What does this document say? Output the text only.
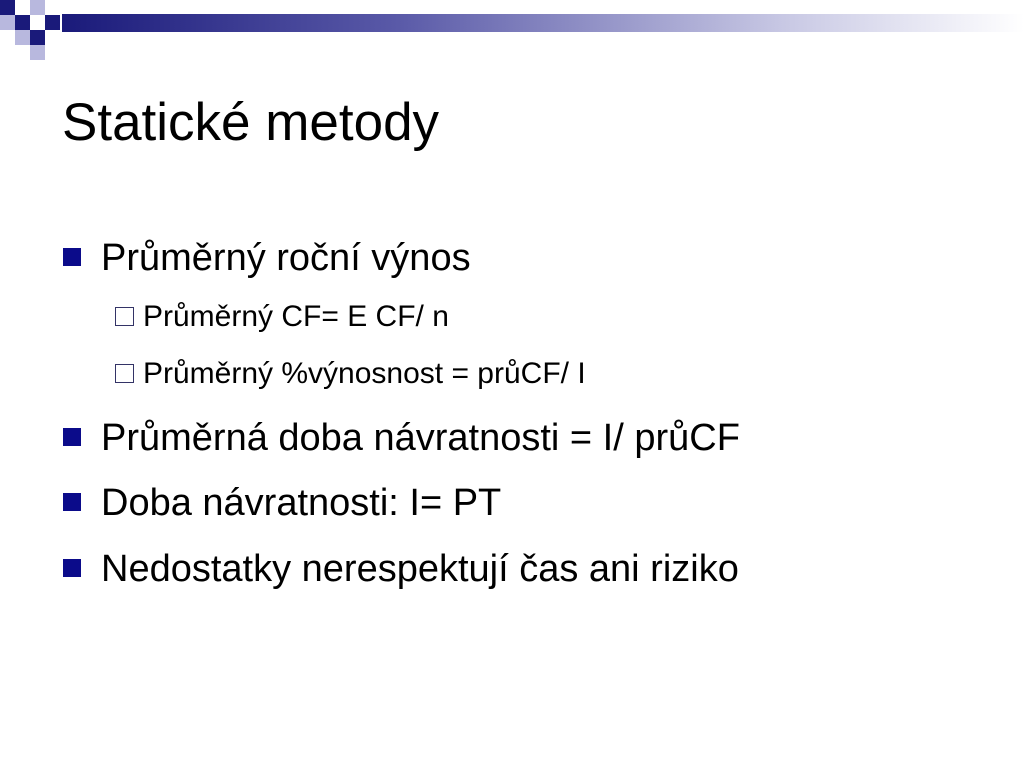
Statické metody
Průměrný roční výnos
Průměrný CF= E CF/ n
Průměrný %výnosnost = průCF/ I
Průměrná doba návratnosti = I/ průCF
Doba návratnosti: I= PT
Nedostatky nerespektují čas ani riziko
